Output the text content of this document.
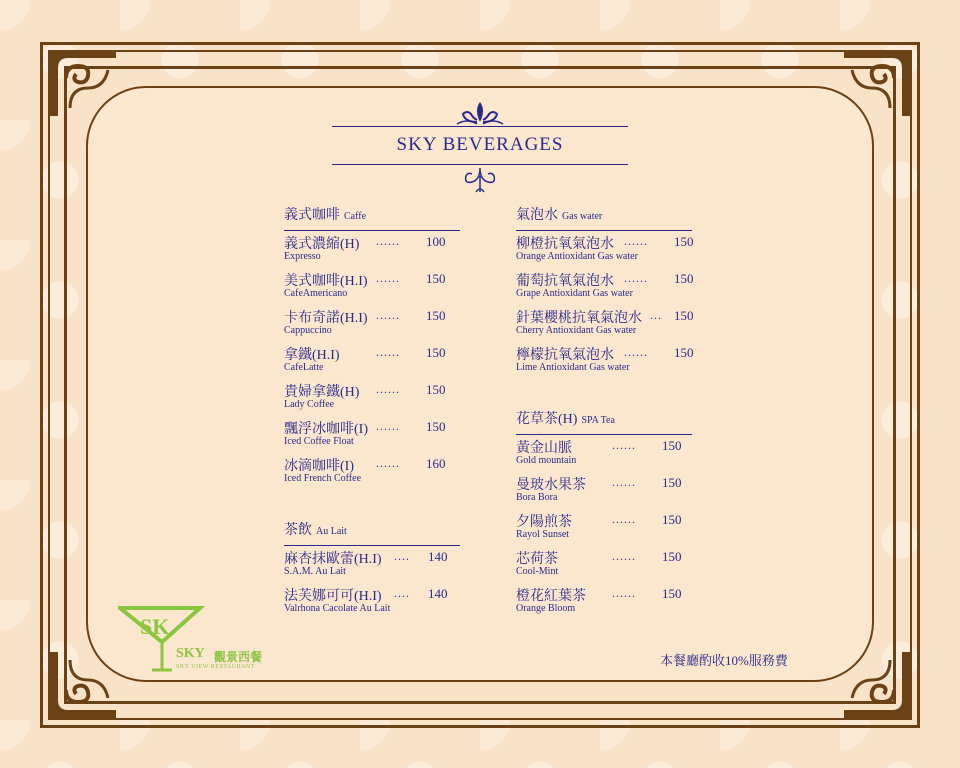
SKY BEVERAGES
義式咖啡 Caffe
義式濃縮(H) ...... 100
Expresso
美式咖啡(H.I) ...... 150
CafeAmericano
卡布奇諾(H.I) ...... 150
Cappuccino
拿鐵(H.I)	...... 150
CafeLatte
貴婦拿鐵(H) ...... 150
Lady Coffee
飄浮冰咖啡(I) ...... 150
Iced Coffee Float
冰滴咖啡(I) ...... 160
Iced French Coffee
茶飲 Au Lait
麻杏抹歐蕾(H.I) .... 140
S.A.M. Au Lait
法芙娜可可(H.I) .... 140
Valrhona Cacolate Au Lait
氣泡水 Gas water
柳橙抗氧氣泡水 ...... 150
Orange Antioxidant Gas water
葡萄抗氧氣泡水 ...... 150
Grape Antioxidant Gas water
針葉櫻桃抗氧氣泡水 ... 150
Cherry Antioxidant Gas water
檸檬抗氧氣泡水 ...... 150
Lime Antioxidant Gas water
花草茶(H) SPA Tea
黃金山脈	...... 150
Gold mountain
曼玻水果茶 ...... 150
Bora Bora
夕陽煎茶	...... 150
Rayol Sunset
芯荷茶	...... 150
Cool-Mint
橙花紅葉茶 ...... 150
Orange Bloom
本餐廳酌收10%服務費
SK
SKY 觀景西餐
SKY VIEW RESTAURANT
